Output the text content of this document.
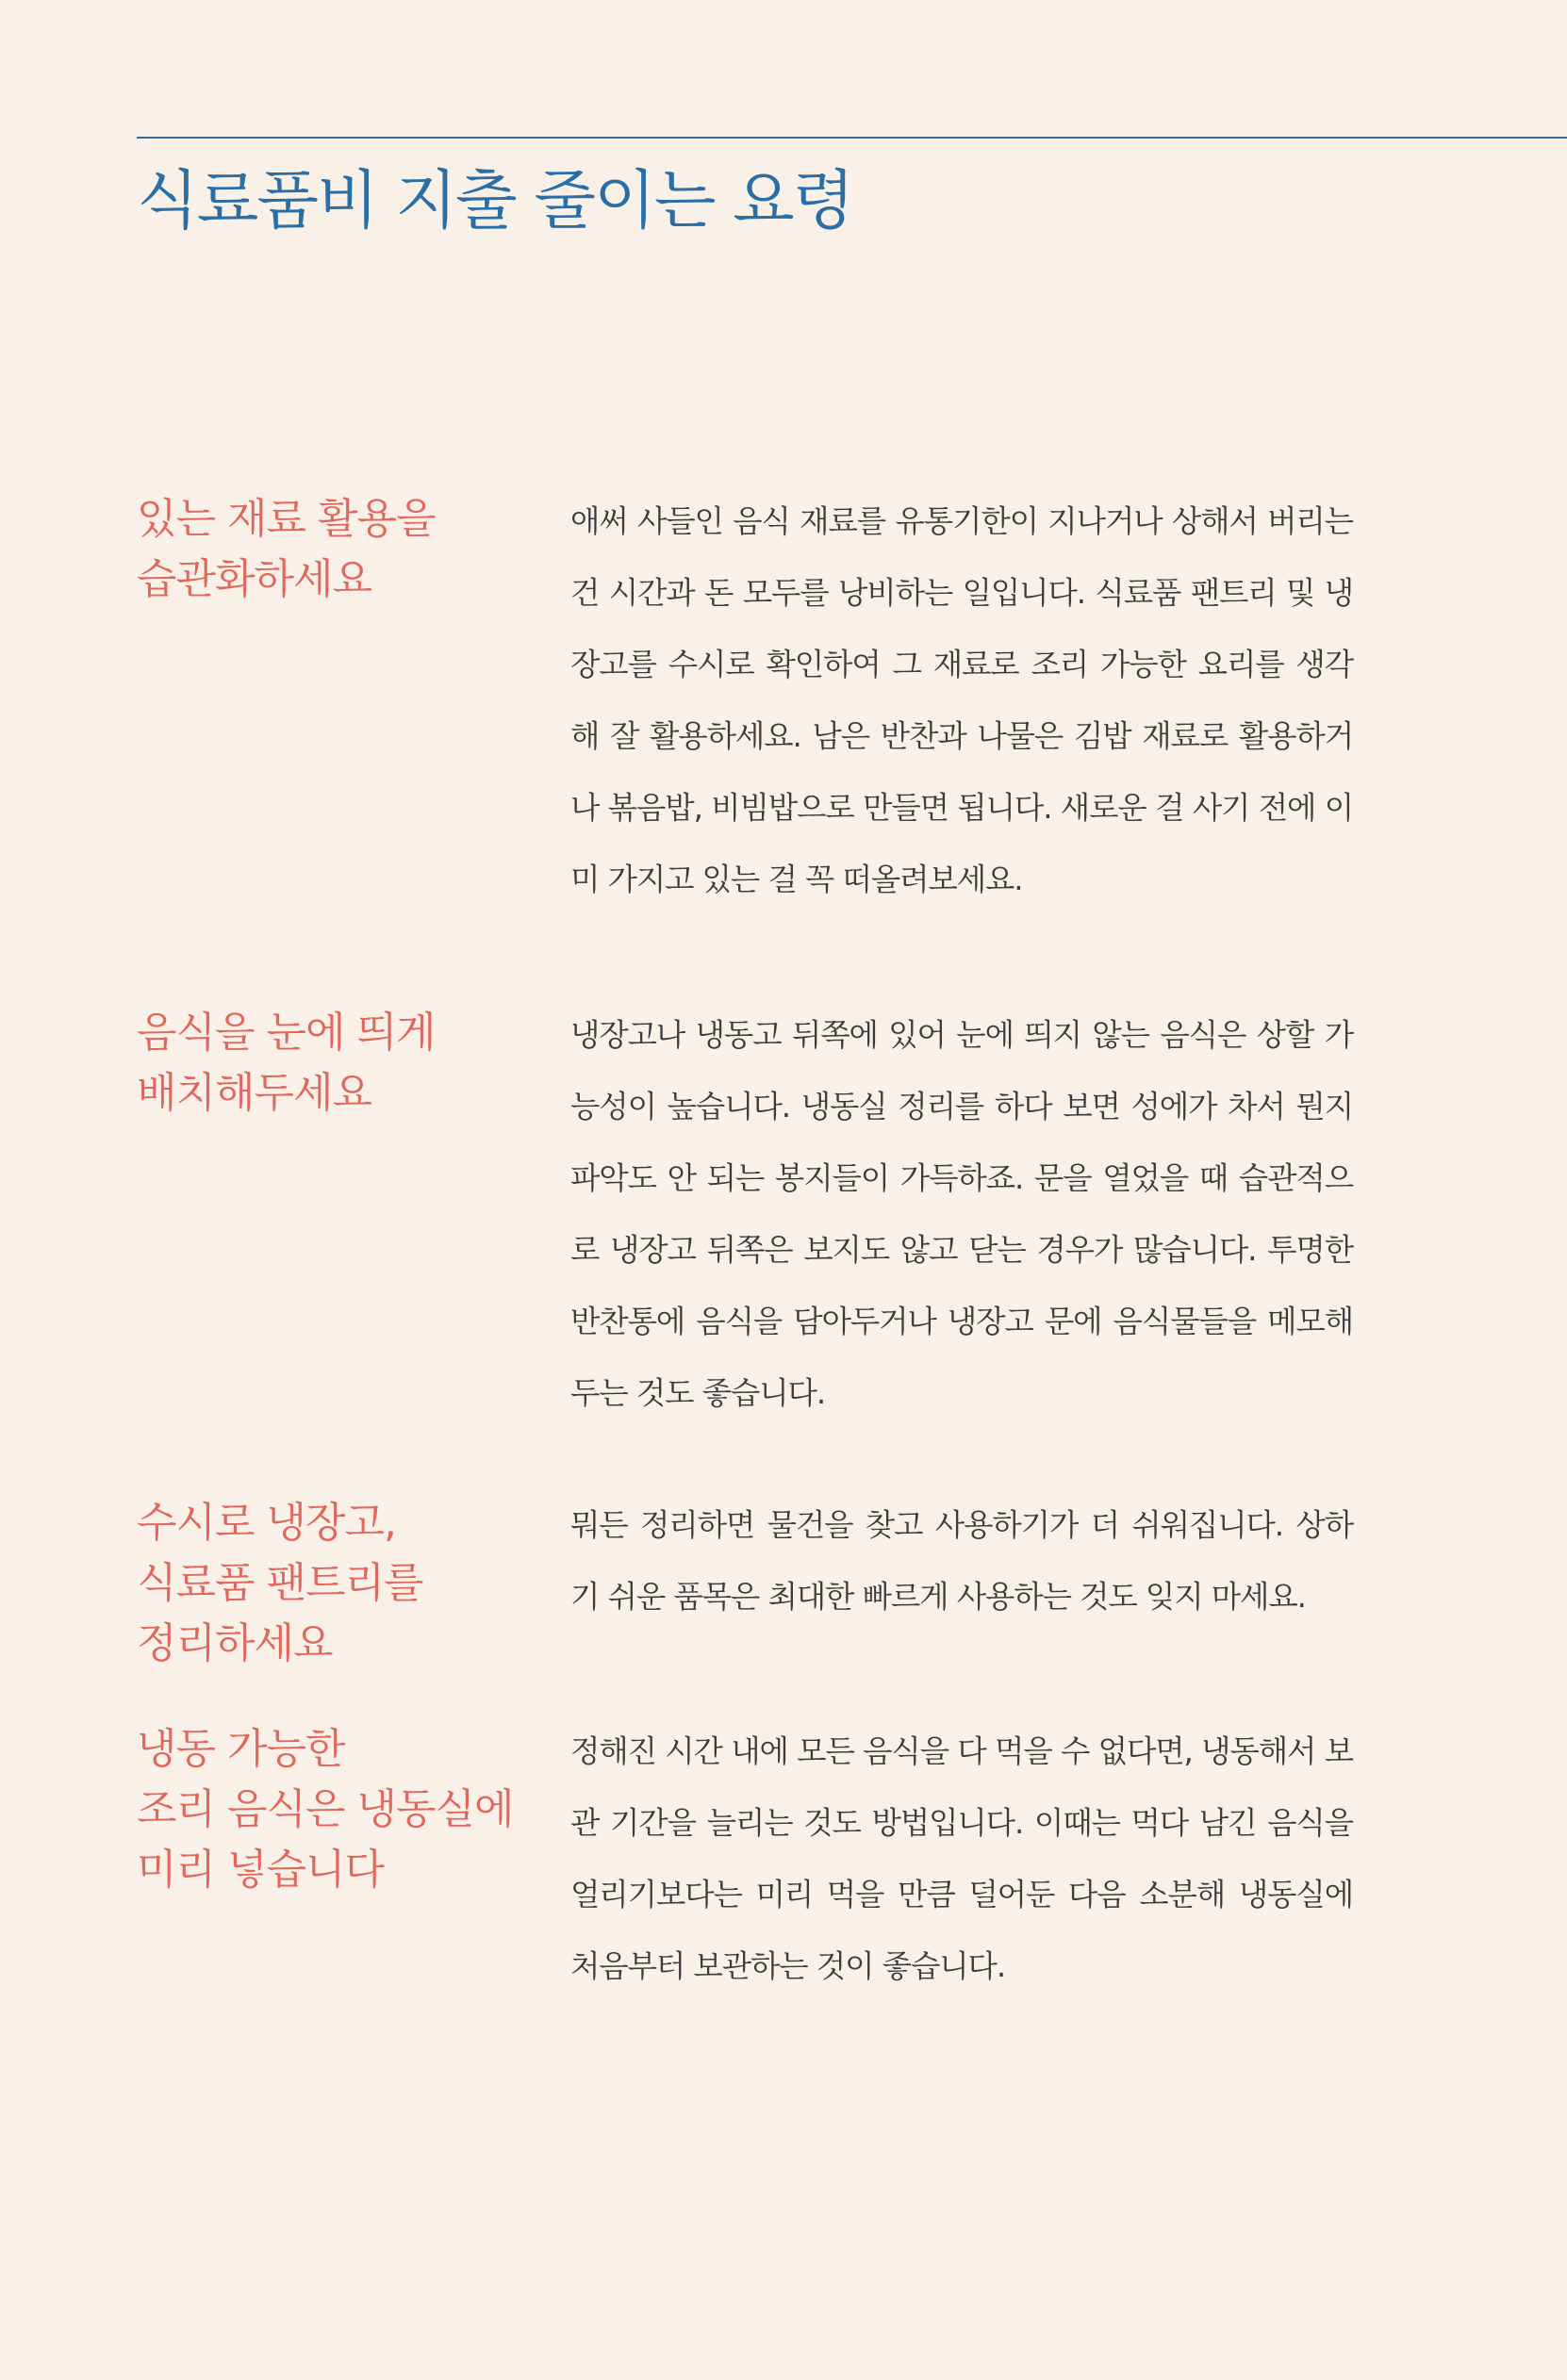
식료품비 지출 줄이는 요령
있는 재료 활용을
습관화하세요

애써 사들인 음식 재료를 유통기한이 지나거나 상해서 버리는 건 시간과 돈 모두를 낭비하는 일입니다. 식료품 팬트리 및 냉장고를 수시로 확인하여 그 재료로 조리 가능한 요리를 생각해 잘 활용하세요. 남은 반찬과 나물은 김밥 재료로 활용하거나 볶음밥, 비빔밥으로 만들면 됩니다. 새로운 걸 사기 전에 이미 가지고 있는 걸 꼭 떠올려보세요.

음식을 눈에 띄게
배치해두세요

냉장고나 냉동고 뒤쪽에 있어 눈에 띄지 않는 음식은 상할 가능성이 높습니다. 냉동실 정리를 하다 보면 성에가 차서 뭔지 파악도 안 되는 봉지들이 가득하죠. 문을 열었을 때 습관적으로 냉장고 뒤쪽은 보지도 않고 닫는 경우가 많습니다. 투명한 반찬통에 음식을 담아두거나 냉장고 문에 음식물들을 메모해 두는 것도 좋습니다.

수시로 냉장고,
식료품 팬트리를
정리하세요

뭐든 정리하면 물건을 찾고 사용하기가 더 쉬워집니다. 상하기 쉬운 품목은 최대한 빠르게 사용하는 것도 잊지 마세요.

냉동 가능한
조리 음식은 냉동실에
미리 넣습니다

정해진 시간 내에 모든 음식을 다 먹을 수 없다면, 냉동해서 보관 기간을 늘리는 것도 방법입니다. 이때는 먹다 남긴 음식을 얼리기보다는 미리 먹을 만큼 덜어둔 다음 소분해 냉동실에 처음부터 보관하는 것이 좋습니다.
